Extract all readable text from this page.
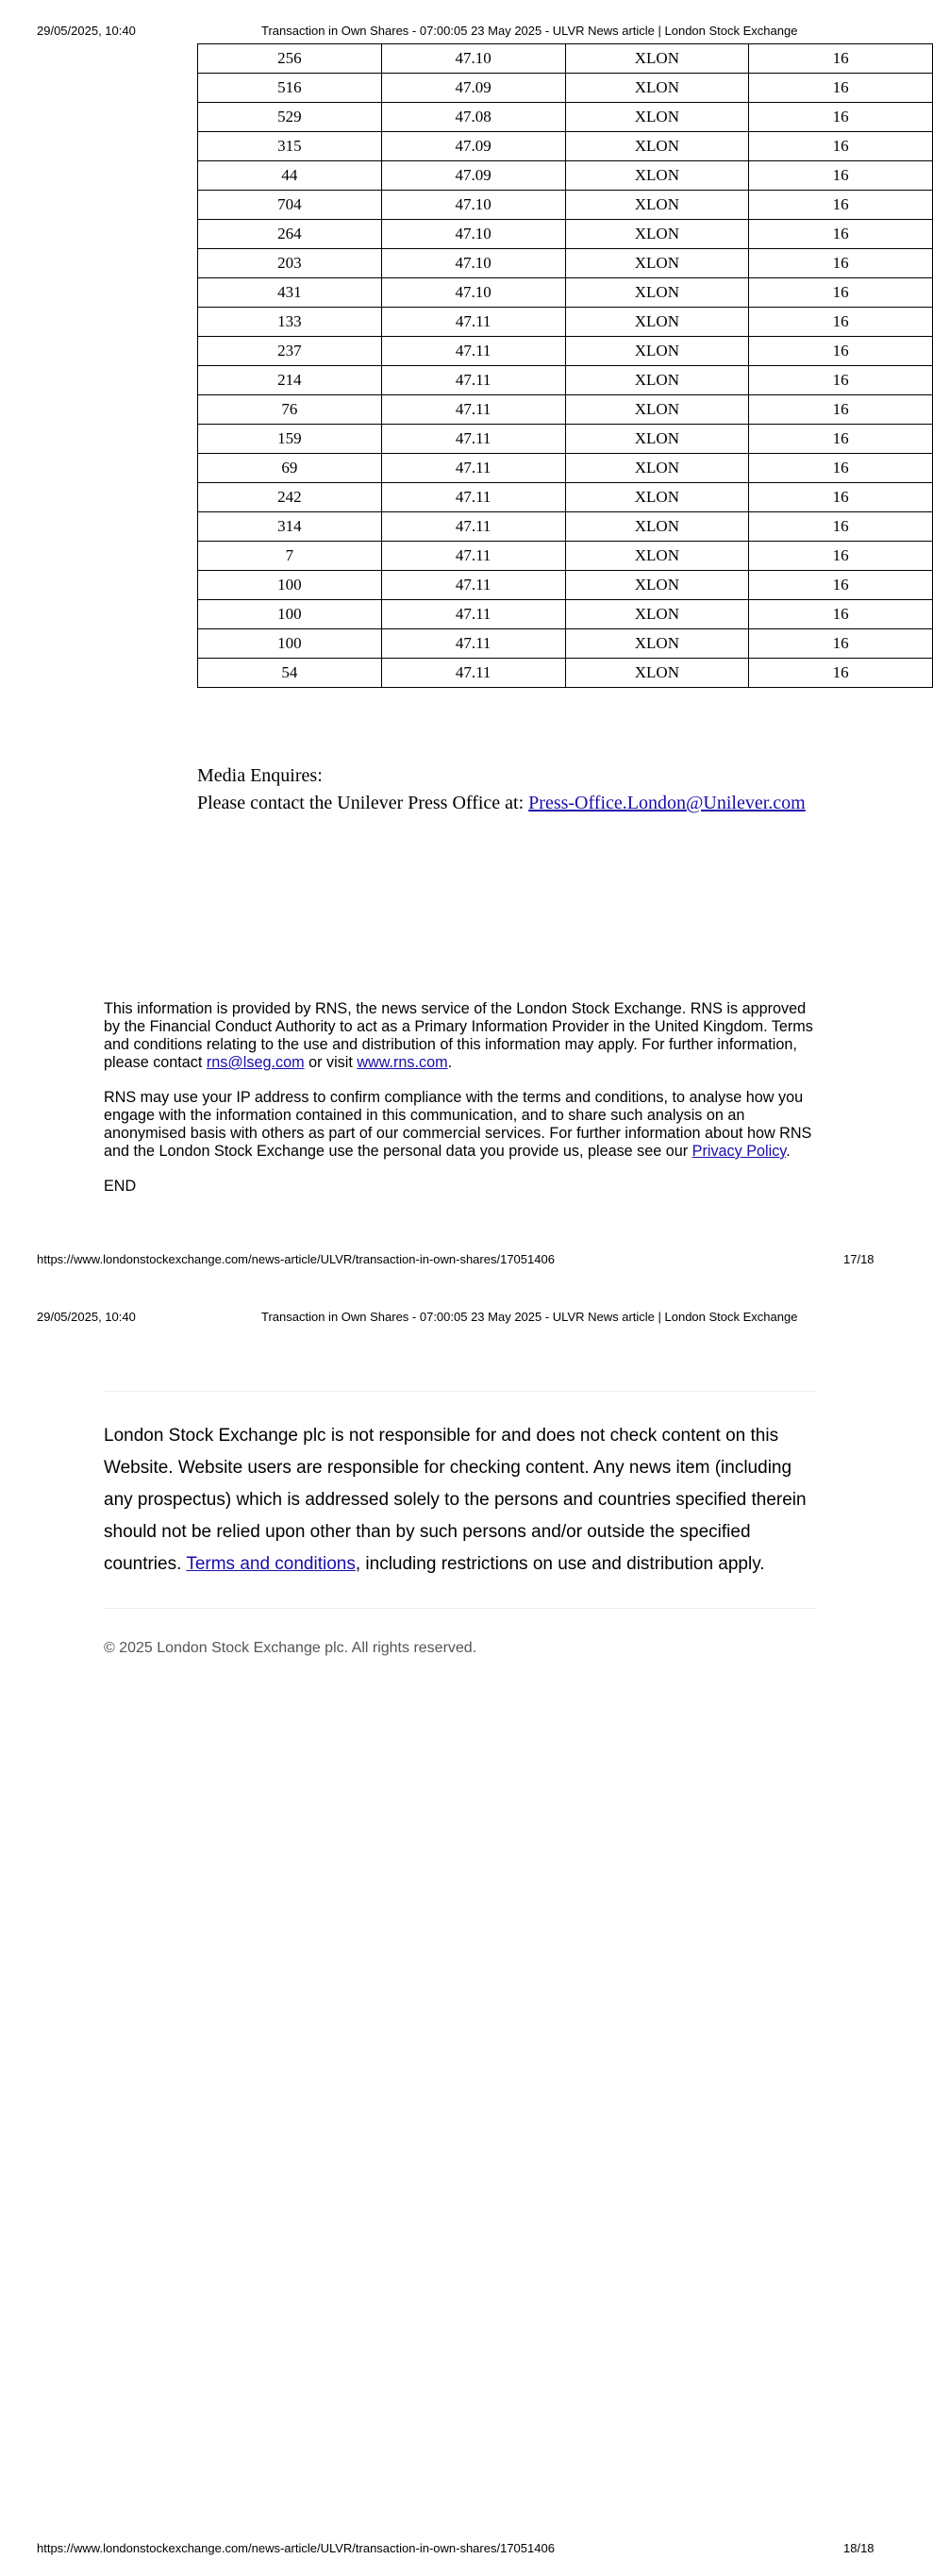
29/05/2025, 10:40	Transaction in Own Shares - 07:00:05 23 May 2025 - ULVR News article | London Stock Exchange
256	47.10	XLON	16
516	47.09	XLON	16
529	47.08	XLON	16
315	47.09	XLON	16
44	47.09	XLON	16
704	47.10	XLON	16
264	47.10	XLON	16
203	47.10	XLON	16
431	47.10	XLON	16
133	47.11	XLON	16
237	47.11	XLON	16
214	47.11	XLON	16
76	47.11	XLON	16
159	47.11	XLON	16
69	47.11	XLON	16
242	47.11	XLON	16
314	47.11	XLON	16
7	47.11	XLON	16
100	47.11	XLON	16
100	47.11	XLON	16
100	47.11	XLON	16
54	47.11	XLON	16
Media Enquires:
Please contact the Unilever Press Office at: Press-Office.London@Unilever.com

This information is provided by RNS, the news service of the London Stock Exchange. RNS is approved by the Financial Conduct Authority to act as a Primary Information Provider in the United Kingdom. Terms and conditions relating to the use and distribution of this information may apply. For further information, please contact rns@lseg.com or visit www.rns.com.

RNS may use your IP address to confirm compliance with the terms and conditions, to analyse how you engage with the information contained in this communication, and to share such analysis on an anonymised basis with others as part of our commercial services. For further information about how RNS and the London Stock Exchange use the personal data you provide us, please see our Privacy Policy.

END

https://www.londonstockexchange.com/news-article/ULVR/transaction-in-own-shares/17051406	17/18
29/05/2025, 10:40	Transaction in Own Shares - 07:00:05 23 May 2025 - ULVR News article | London Stock Exchange
London Stock Exchange plc is not responsible for and does not check content on this Website. Website users are responsible for checking content. Any news item (including any prospectus) which is addressed solely to the persons and countries specified therein should not be relied upon other than by such persons and/or outside the specified countries. Terms and conditions, including restrictions on use and distribution apply.
© 2025 London Stock Exchange plc. All rights reserved.
https://www.londonstockexchange.com/news-article/ULVR/transaction-in-own-shares/17051406	18/18
